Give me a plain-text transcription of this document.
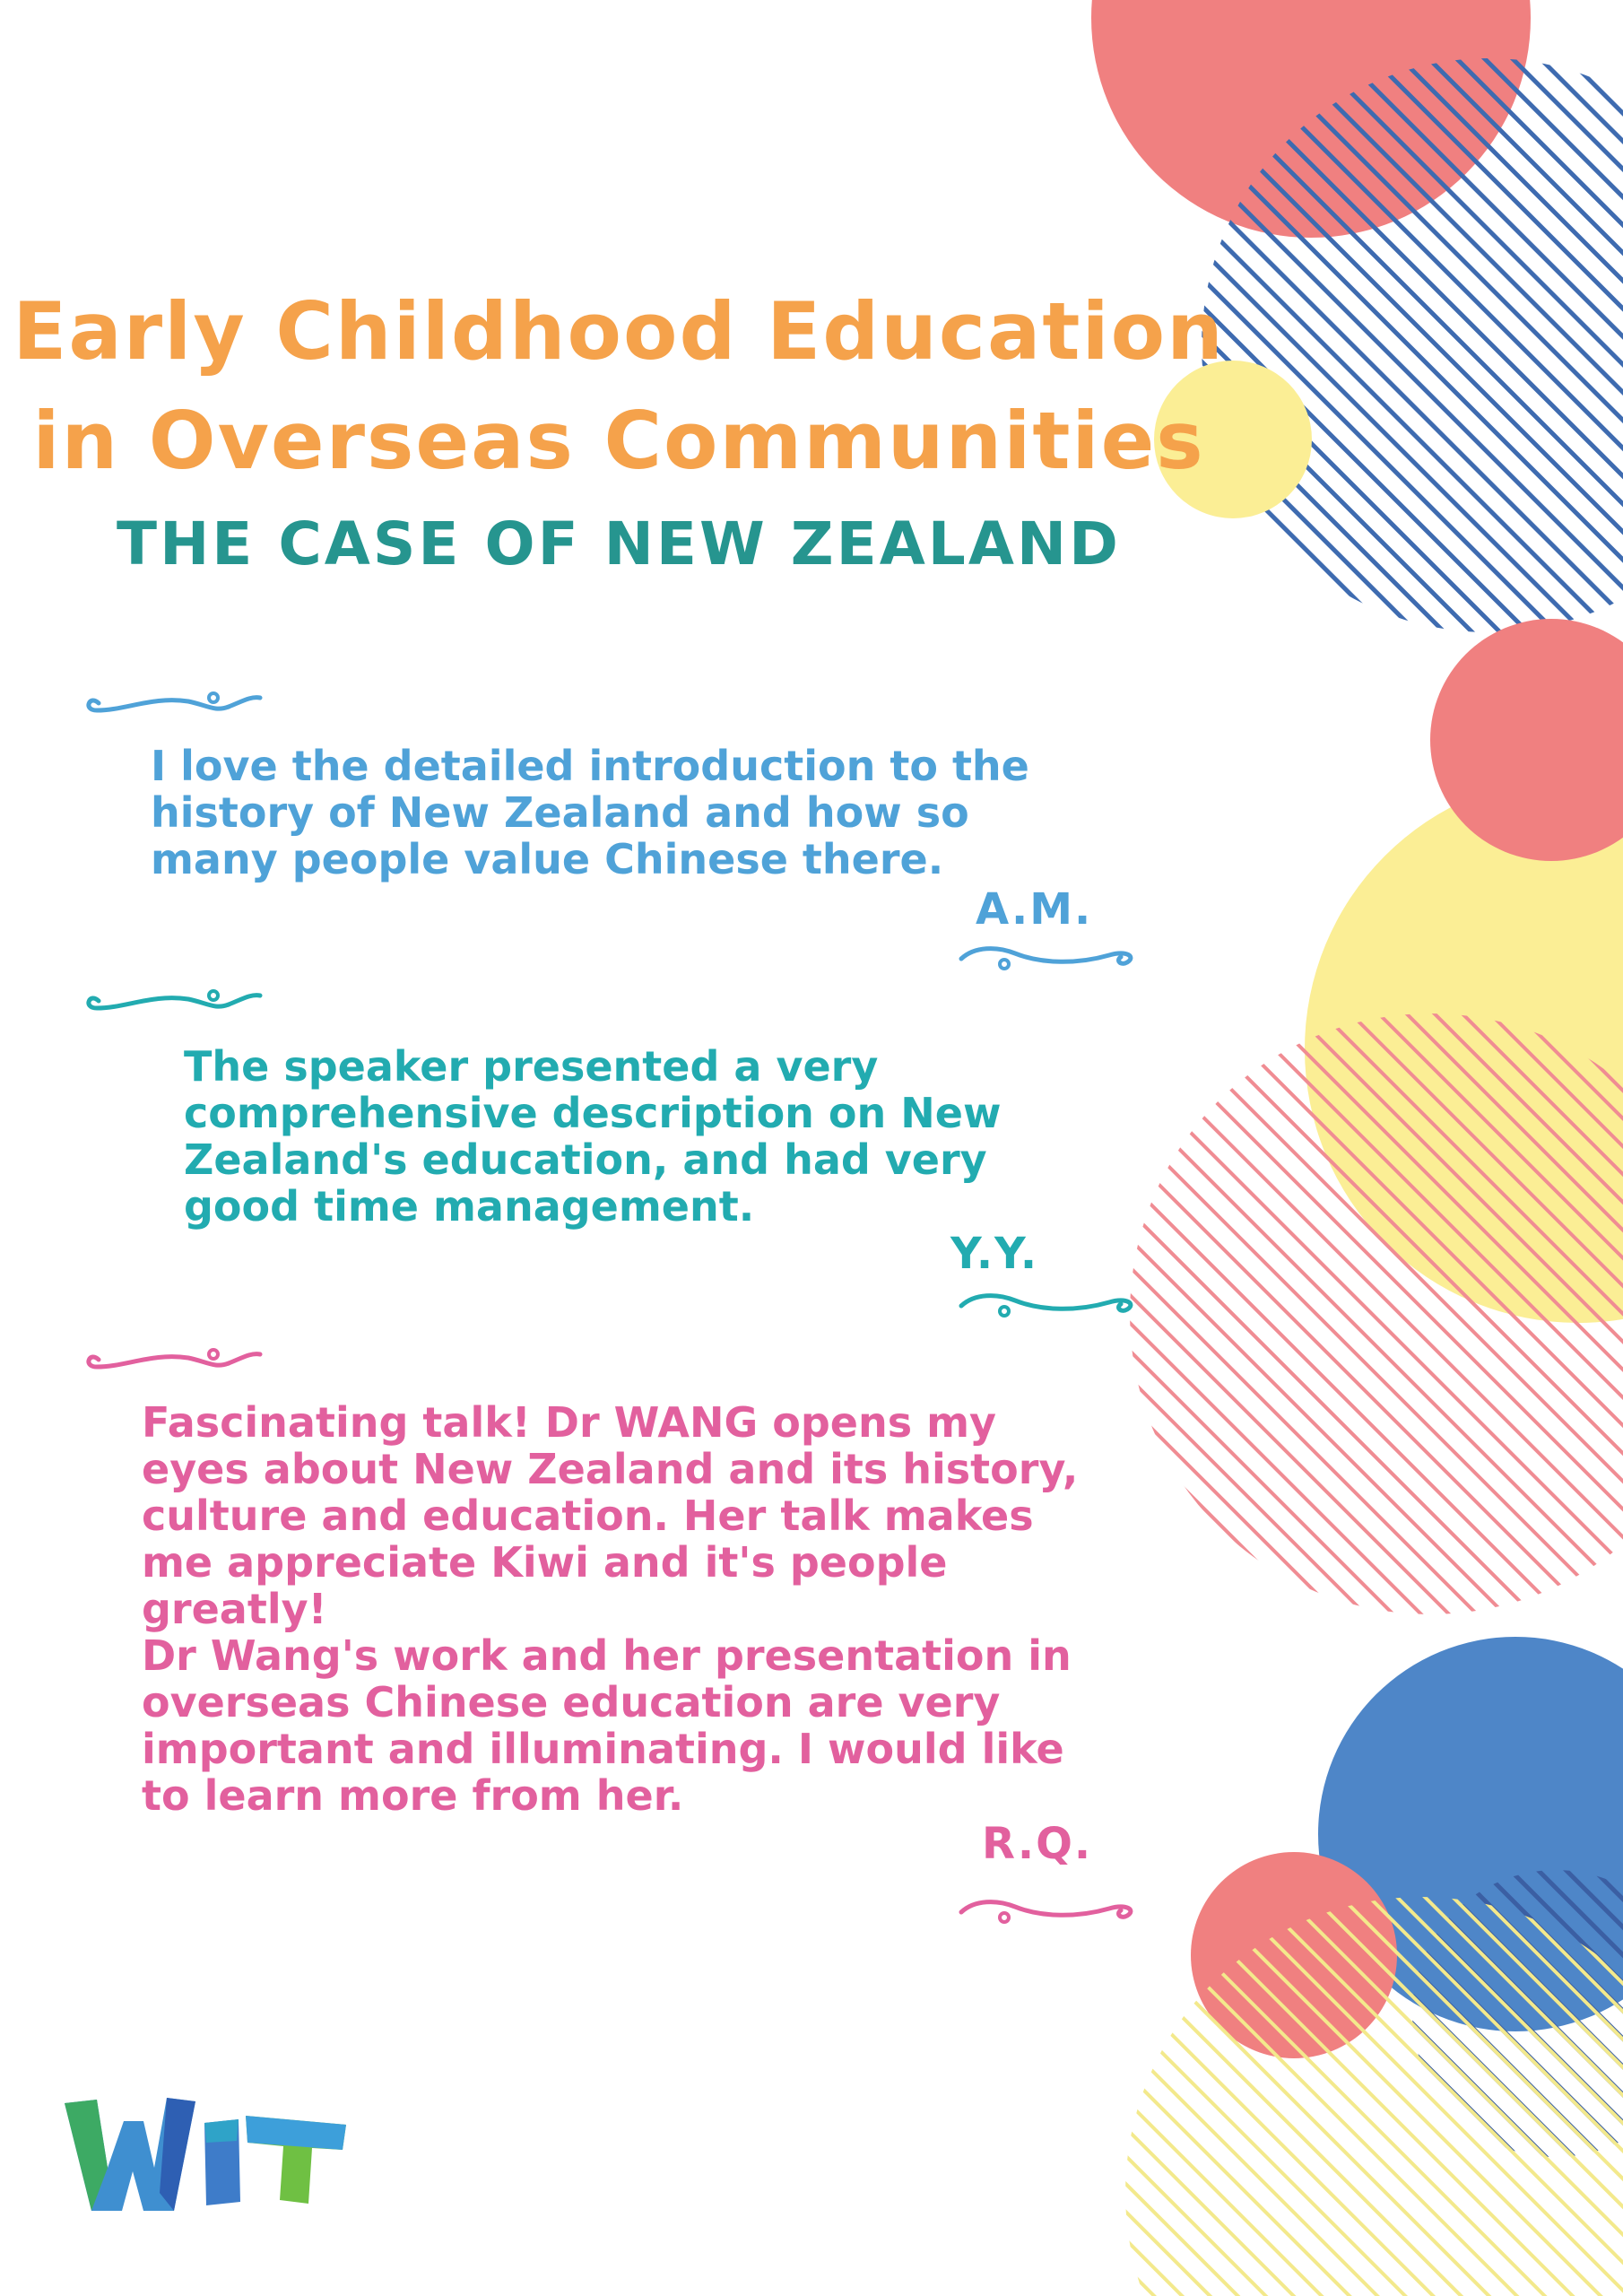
Early Childhood Education
in Overseas Communities
THE CASE OF NEW ZEALAND
I love the detailed introduction to the
history of New Zealand and how so
many people value Chinese there.
A.M.
The speaker presented a very
comprehensive description on New
Zealand's education, and had very
good time management.
Y.Y.
Fascinating talk! Dr WANG opens my
eyes about New Zealand and its history,
culture and education. Her talk makes
me appreciate Kiwi and it's people
greatly!
Dr Wang's work and her presentation in
overseas Chinese education are very
important and illuminating. I would like
to learn more from her.
R.Q.
